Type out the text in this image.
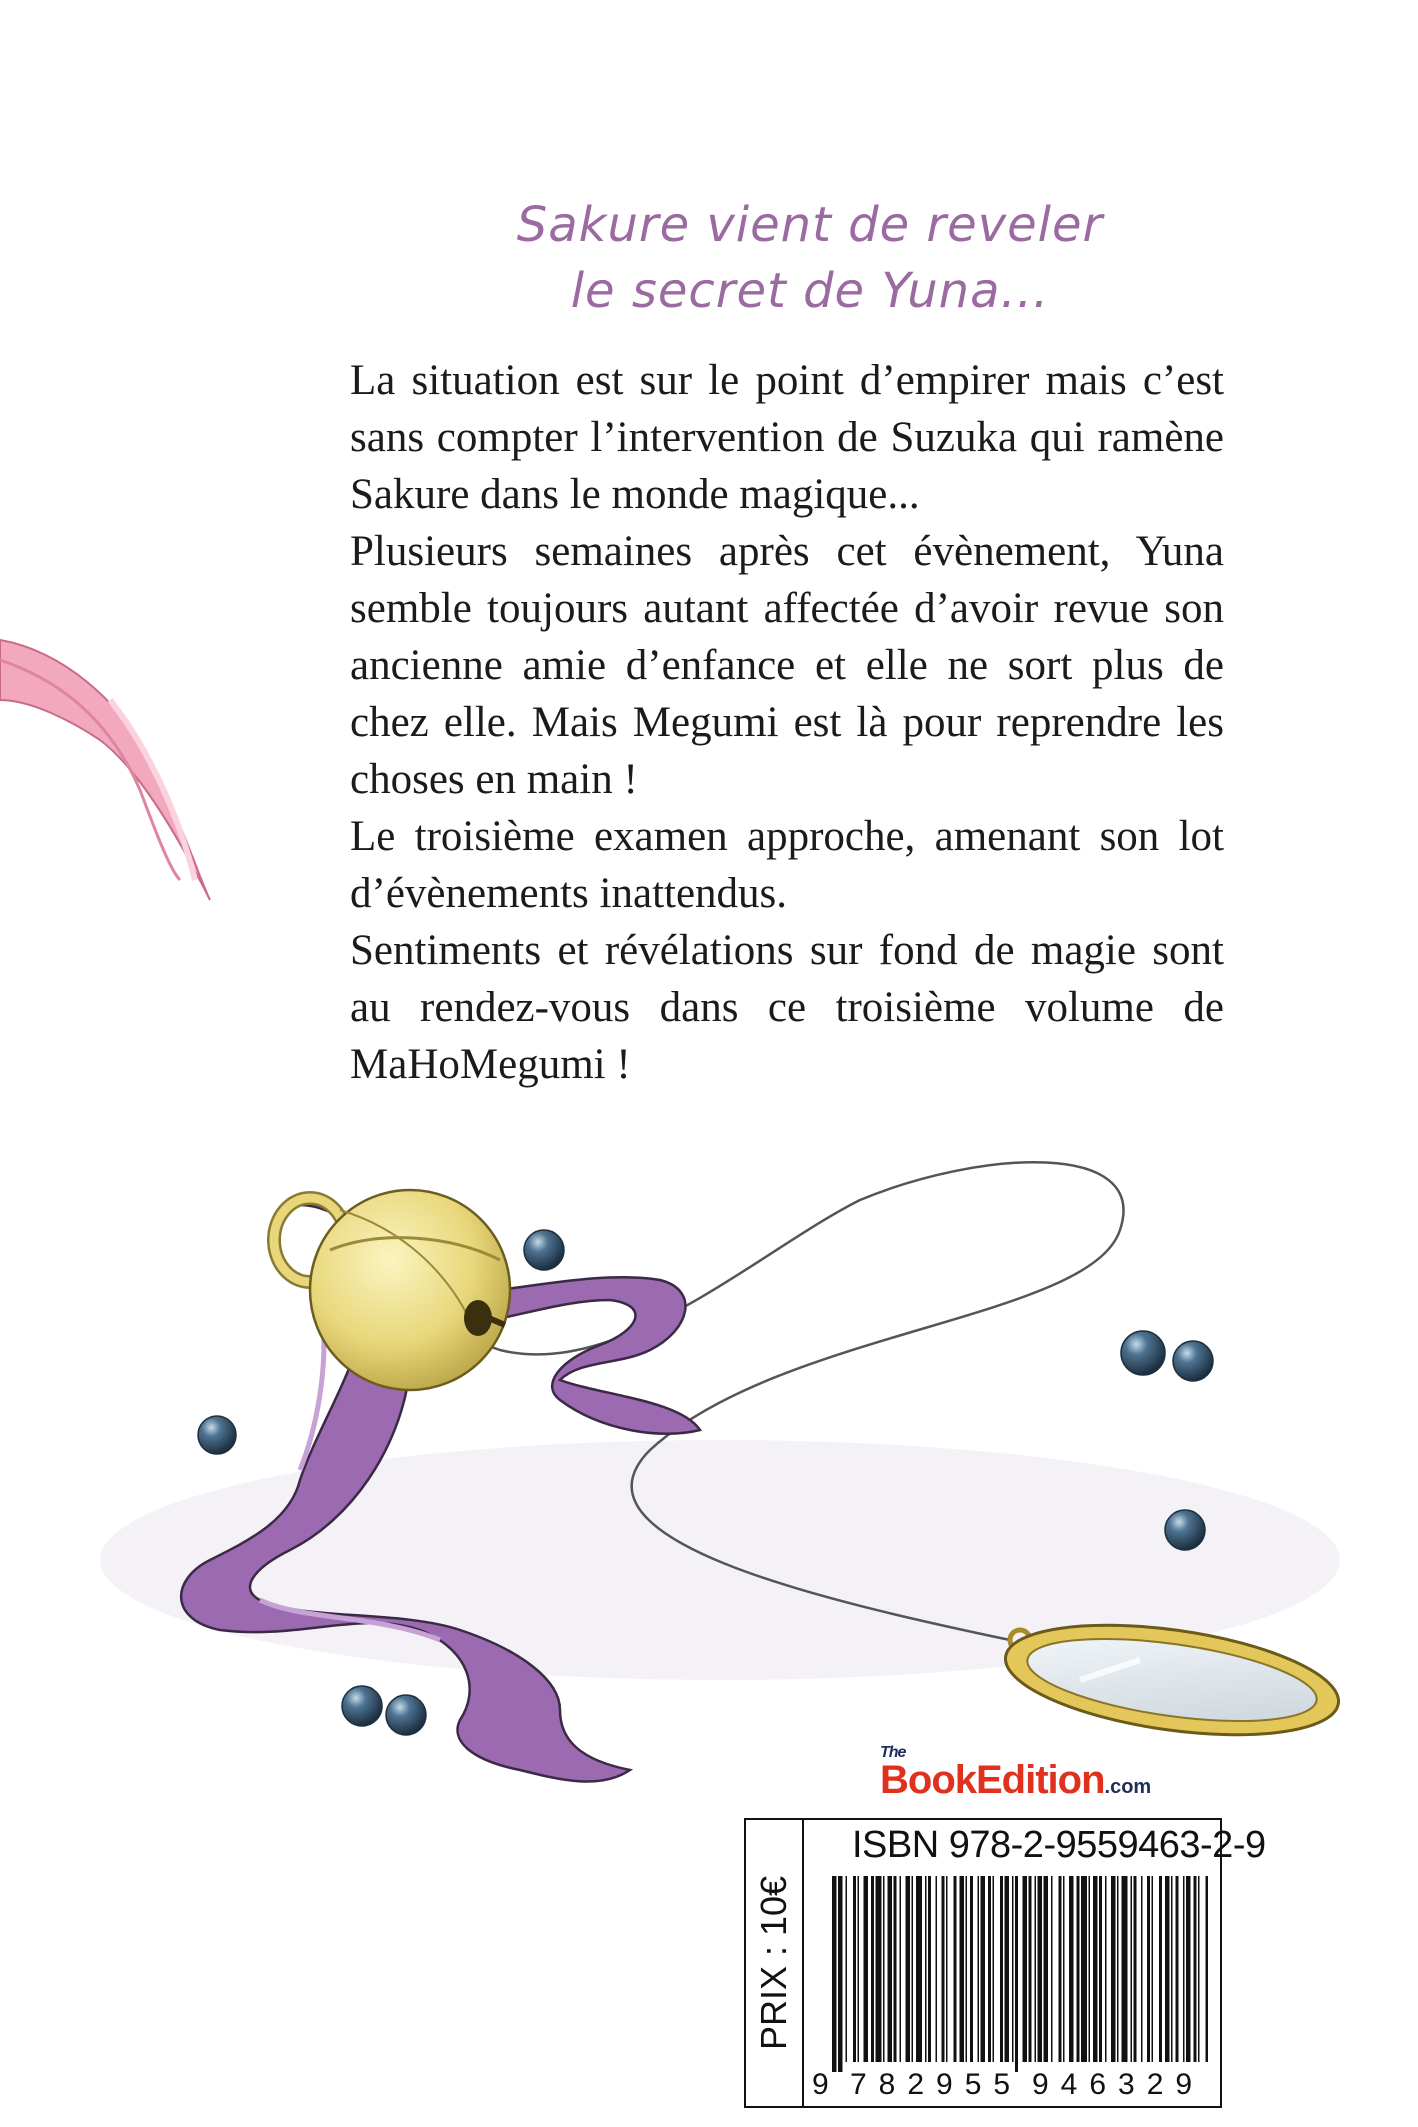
Sakure vient de reveler
le secret de Yuna...

La situation est sur le point d’empirer mais c’est sans compter l’intervention de Suzuka qui ramène Sakure dans le monde magique...

Plusieurs semaines après cet évènement, Yuna semble toujours autant affectée d’avoir revue son ancienne amie d’enfance et elle ne sort plus de chez elle. Mais Megumi est là pour reprendre les choses en main !

Le troisième examen approche, amenant son lot d’évènements inattendus.

Sentiments et révélations sur fond de magie sont au rendez-vous dans ce troisième volume de MaHoMegumi !

The
BookEdition.com
PRIX : 10€
ISBN 978-2-9559463-2-9
9 782955 946329
